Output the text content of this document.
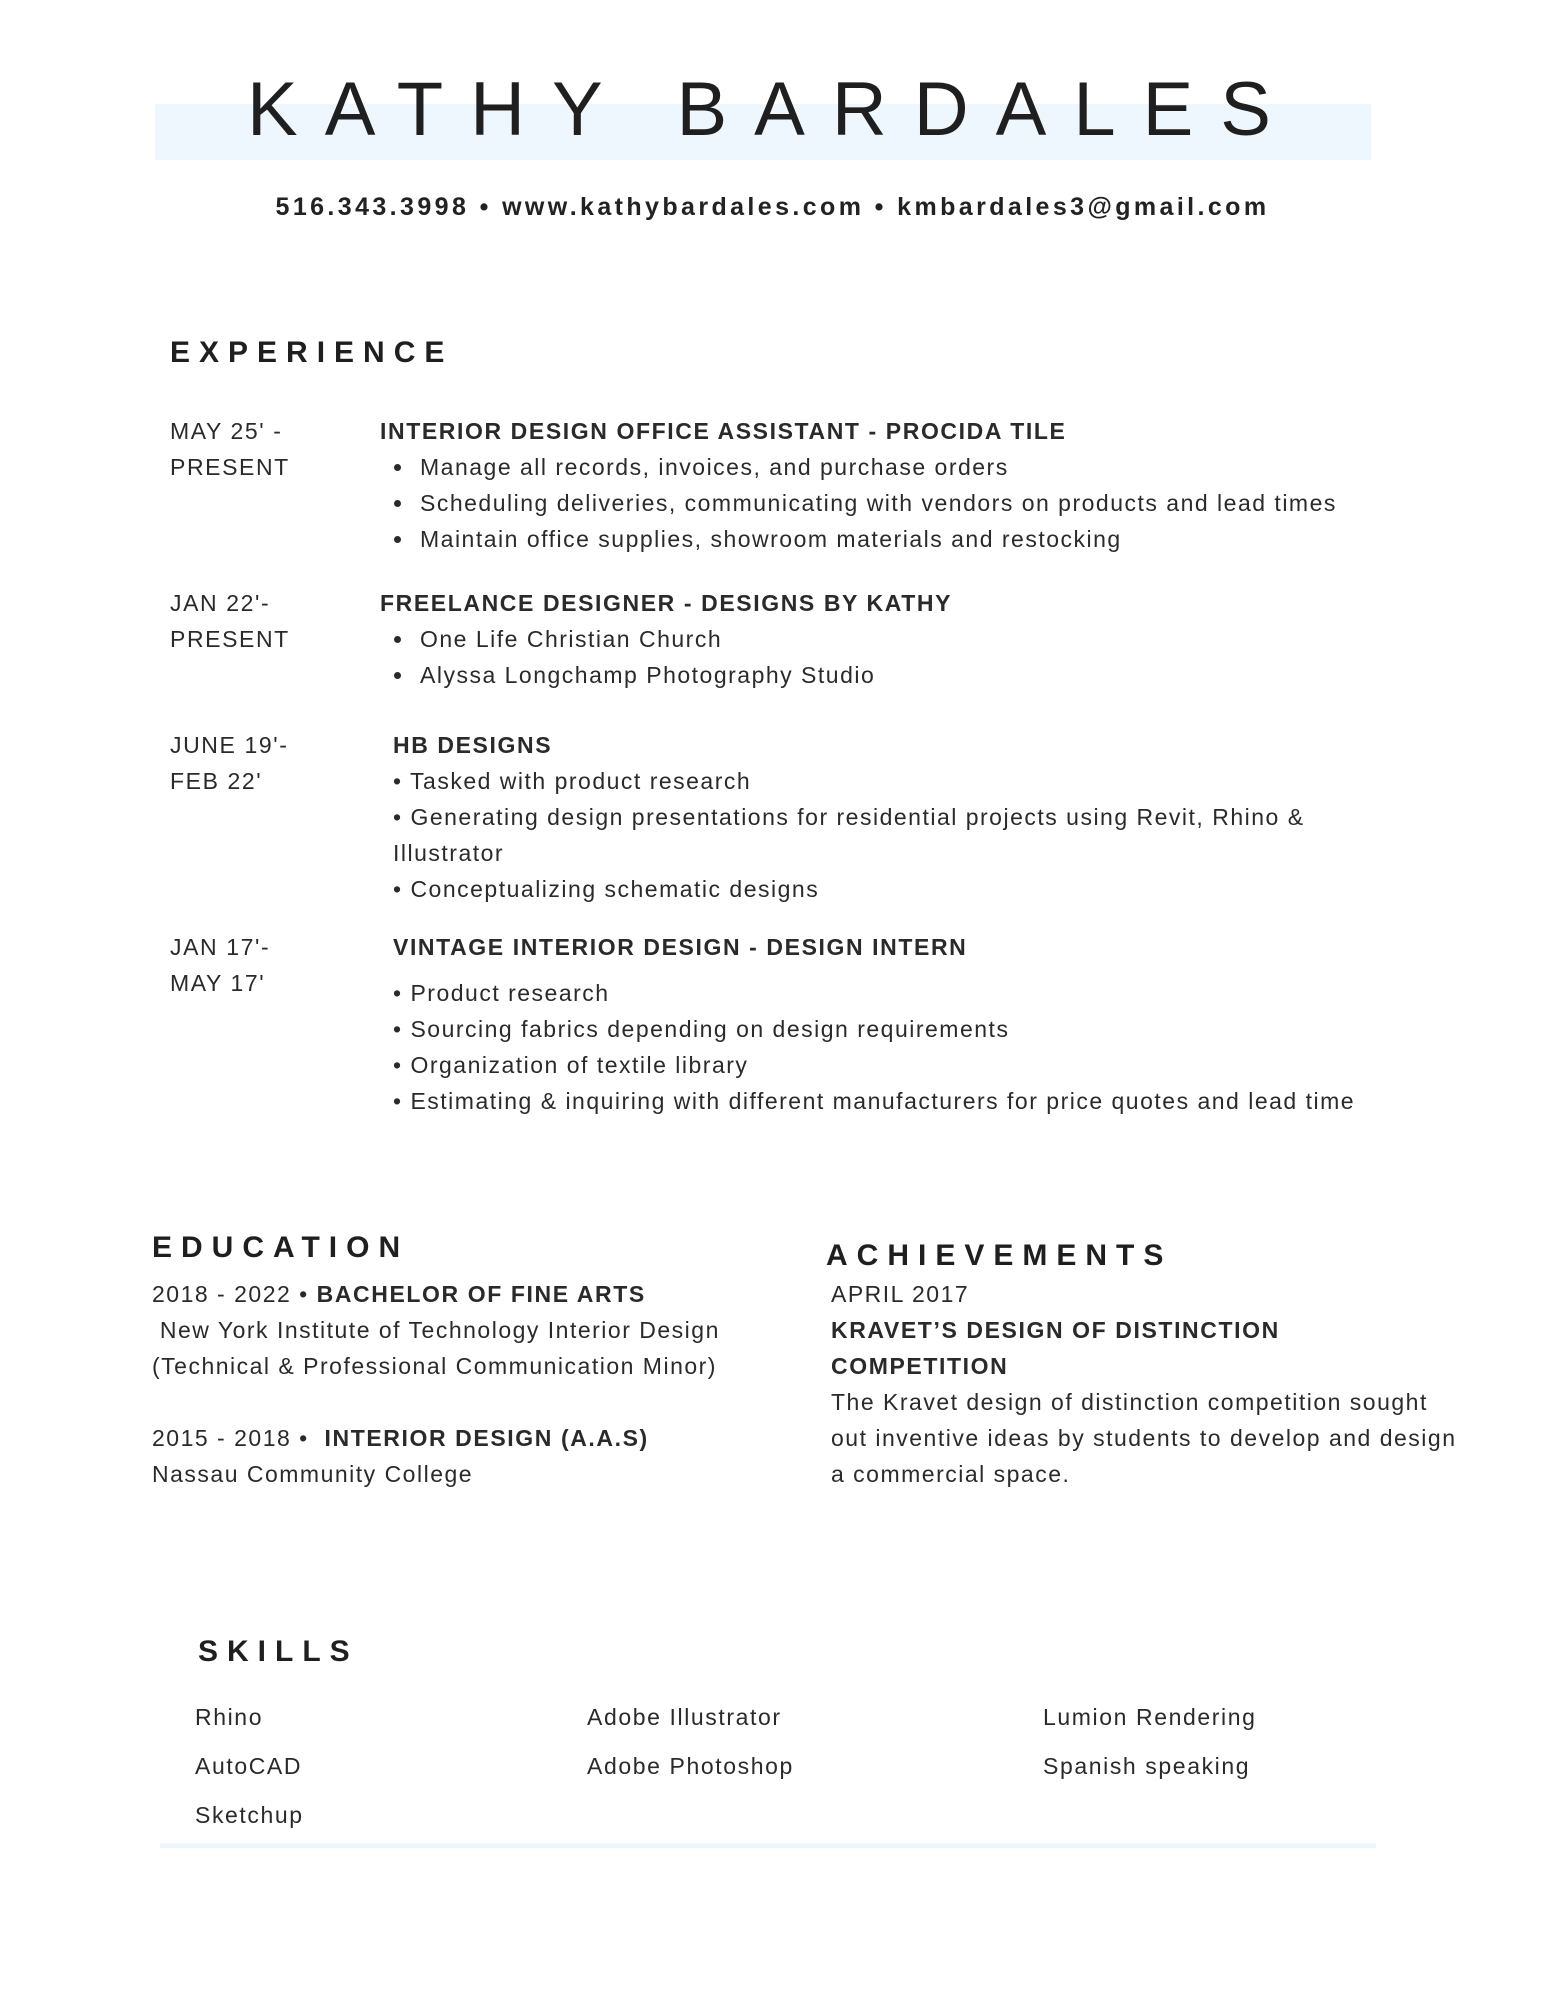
KATHY BARDALES
516.343.3998 • www.kathybardales.com • kmbardales3@gmail.com
EXPERIENCE
MAY 25' -
PRESENT
INTERIOR DESIGN OFFICE ASSISTANT - PROCIDA TILE
Manage all records, invoices, and purchase orders
Scheduling deliveries, communicating with vendors on products and lead times
Maintain office supplies, showroom materials and restocking
JAN 22'-
PRESENT
FREELANCE DESIGNER - DESIGNS BY KATHY
One Life Christian Church
Alyssa Longchamp Photography Studio
JUNE 19'-
FEB 22'
HB DESIGNS
• Tasked with product research
• Generating design presentations for residential projects using Revit, Rhino &
Illustrator
• Conceptualizing schematic designs
JAN 17'-
MAY 17'
VINTAGE INTERIOR DESIGN - DESIGN INTERN
• Product research
• Sourcing fabrics depending on design requirements
• Organization of textile library
• Estimating & inquiring with different manufacturers for price quotes and lead time
EDUCATION
2018 - 2022 • BACHELOR OF FINE ARTS
New York Institute of Technology Interior Design
(Technical & Professional Communication Minor)
2015 - 2018 •  INTERIOR DESIGN (A.A.S)
Nassau Community College
ACHIEVEMENTS
APRIL 2017
KRAVET’S DESIGN OF DISTINCTION
COMPETITION
The Kravet design of distinction competition sought
out inventive ideas by students to develop and design
a commercial space.
SKILLS
Rhino
AutoCAD
Sketchup
Adobe Illustrator
Adobe Photoshop
Lumion Rendering
Spanish speaking
